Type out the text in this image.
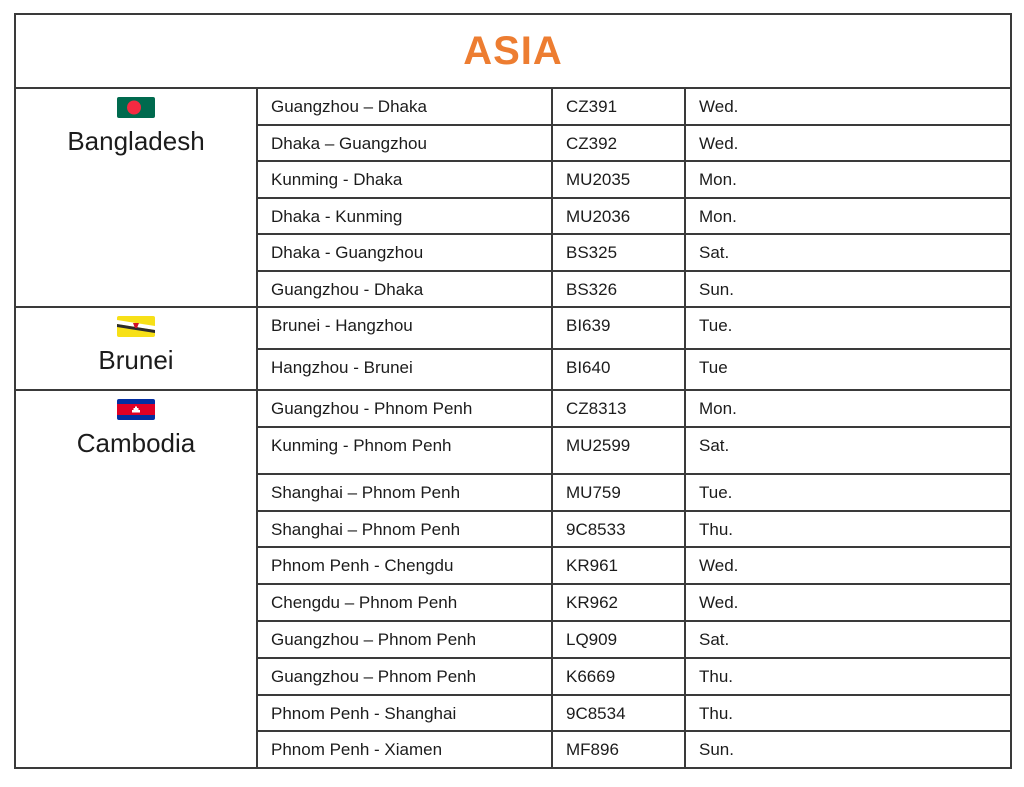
ASIA
Bangladesh
Guangzhou – Dhaka	CZ391	Wed.
Dhaka – Guangzhou	CZ392	Wed.
Kunming - Dhaka	MU2035	Mon.
Dhaka - Kunming	MU2036	Mon.
Dhaka - Guangzhou	BS325	Sat.
Guangzhou - Dhaka	BS326	Sun.
Brunei
Brunei - Hangzhou	BI639	Tue.
Hangzhou - Brunei	BI640	Tue
Cambodia
Guangzhou - Phnom Penh	CZ8313	Mon.
Kunming - Phnom Penh	MU2599	Sat.
Shanghai – Phnom Penh	MU759	Tue.
Shanghai – Phnom Penh	9C8533	Thu.
Phnom Penh - Chengdu	KR961	Wed.
Chengdu – Phnom Penh	KR962	Wed.
Guangzhou – Phnom Penh	LQ909	Sat.
Guangzhou – Phnom Penh	K6669	Thu.
Phnom Penh - Shanghai	9C8534	Thu.
Phnom Penh - Xiamen	MF896	Sun.
